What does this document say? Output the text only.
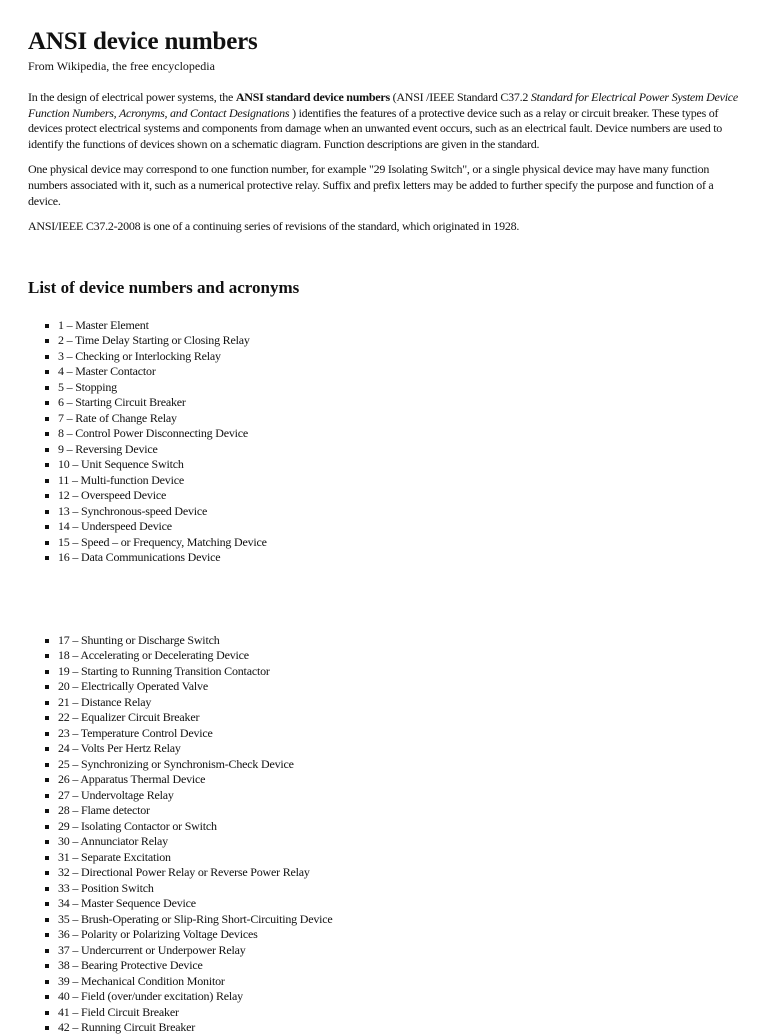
ANSI device numbers
From Wikipedia, the free encyclopedia

In the design of electrical power systems, the ANSI standard device numbers (ANSI /IEEE Standard C37.2 Standard for Electrical Power System Device Function Numbers, Acronyms, and Contact Designations ) identifies the features of a protective device such as a relay or circuit breaker. These types of devices protect electrical systems and components from damage when an unwanted event occurs, such as an electrical fault. Device numbers are used to identify the functions of devices shown on a schematic diagram. Function descriptions are given in the standard.

One physical device may correspond to one function number, for example "29 Isolating Switch", or a single physical device may have many function numbers associated with it, such as a numerical protective relay. Suffix and prefix letters may be added to further specify the purpose and function of a device.

ANSI/IEEE C37.2-2008 is one of a continuing series of revisions of the standard, which originated in 1928.

List of device numbers and acronyms
1 – Master Element
2 – Time Delay Starting or Closing Relay
3 – Checking or Interlocking Relay
4 – Master Contactor
5 – Stopping
6 – Starting Circuit Breaker
7 – Rate of Change Relay
8 – Control Power Disconnecting Device
9 – Reversing Device
10 – Unit Sequence Switch
11 – Multi-function Device
12 – Overspeed Device
13 – Synchronous-speed Device
14 – Underspeed Device
15 – Speed – or Frequency, Matching Device
16 – Data Communications Device
17 – Shunting or Discharge Switch
18 – Accelerating or Decelerating Device
19 – Starting to Running Transition Contactor
20 – Electrically Operated Valve
21 – Distance Relay
22 – Equalizer Circuit Breaker
23 – Temperature Control Device
24 – Volts Per Hertz Relay
25 – Synchronizing or Synchronism-Check Device
26 – Apparatus Thermal Device
27 – Undervoltage Relay
28 – Flame detector
29 – Isolating Contactor or Switch
30 – Annunciator Relay
31 – Separate Excitation
32 – Directional Power Relay or Reverse Power Relay
33 – Position Switch
34 – Master Sequence Device
35 – Brush-Operating or Slip-Ring Short-Circuiting Device
36 – Polarity or Polarizing Voltage Devices
37 – Undercurrent or Underpower Relay
38 – Bearing Protective Device
39 – Mechanical Condition Monitor
40 – Field (over/under excitation) Relay
41 – Field Circuit Breaker
42 – Running Circuit Breaker
